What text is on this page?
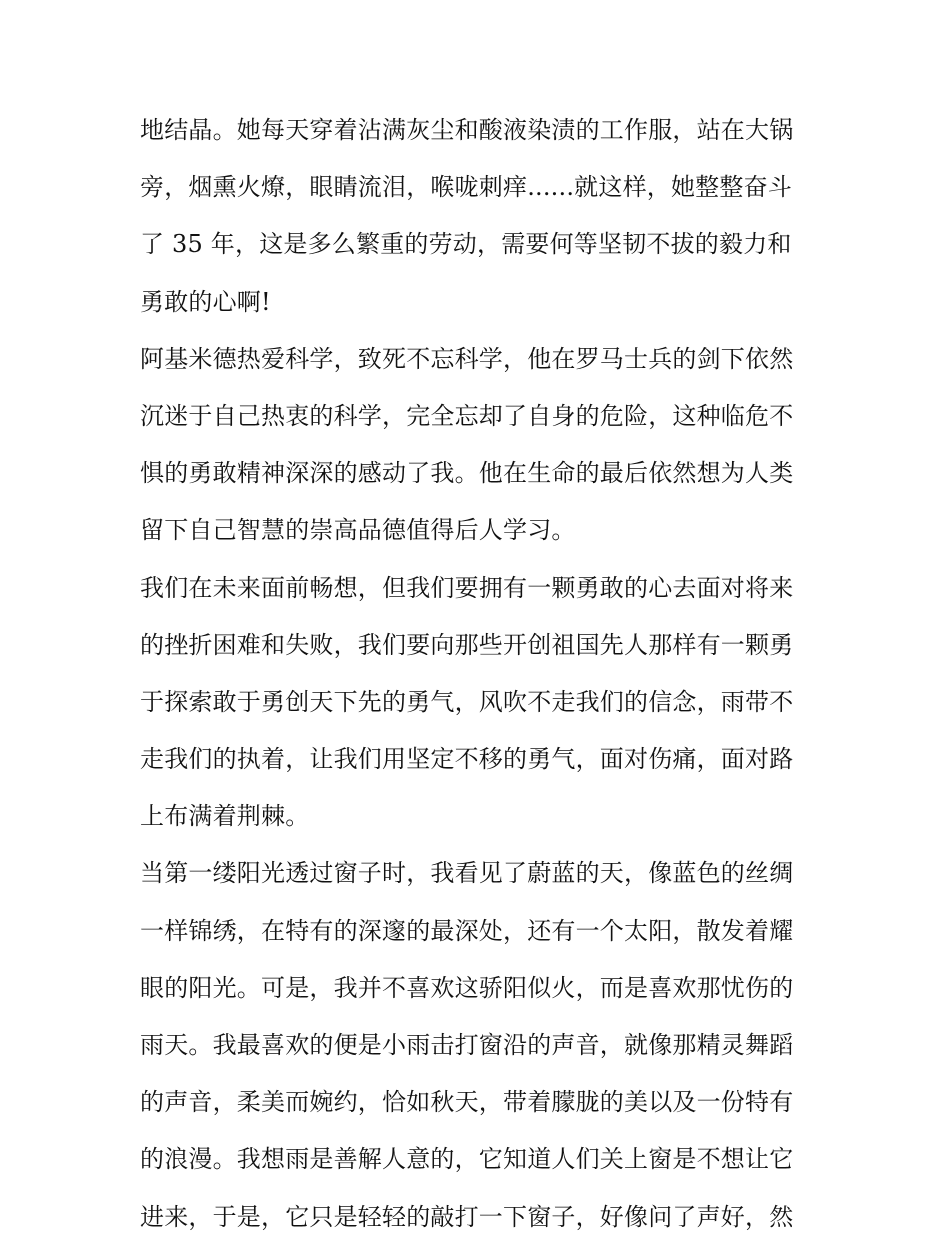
地结晶。她每天穿着沾满灰尘和酸液染渍的工作服，站在大锅
旁，烟熏火燎，眼睛流泪，喉咙刺痒......就这样，她整整奋斗
了 35 年，这是多么繁重的劳动，需要何等坚韧不拔的毅力和
勇敢的心啊!
阿基米德热爱科学，致死不忘科学，他在罗马士兵的剑下依然
沉迷于自己热衷的科学，完全忘却了自身的危险，这种临危不
惧的勇敢精神深深的感动了我。他在生命的最后依然想为人类
留下自己智慧的崇高品德值得后人学习。
我们在未来面前畅想，但我们要拥有一颗勇敢的心去面对将来
的挫折困难和失败，我们要向那些开创祖国先人那样有一颗勇
于探索敢于勇创天下先的勇气，风吹不走我们的信念，雨带不
走我们的执着，让我们用坚定不移的勇气，面对伤痛，面对路
上布满着荆棘。
当第一缕阳光透过窗子时，我看见了蔚蓝的天，像蓝色的丝绸
一样锦绣，在特有的深邃的最深处，还有一个太阳，散发着耀
眼的阳光。可是，我并不喜欢这骄阳似火，而是喜欢那忧伤的
雨天。我最喜欢的便是小雨击打窗沿的声音，就像那精灵舞蹈
的声音，柔美而婉约，恰如秋天，带着朦胧的美以及一份特有
的浪漫。我想雨是善解人意的，它知道人们关上窗是不想让它
进来，于是，它只是轻轻的敲打一下窗子，好像问了声好，然
